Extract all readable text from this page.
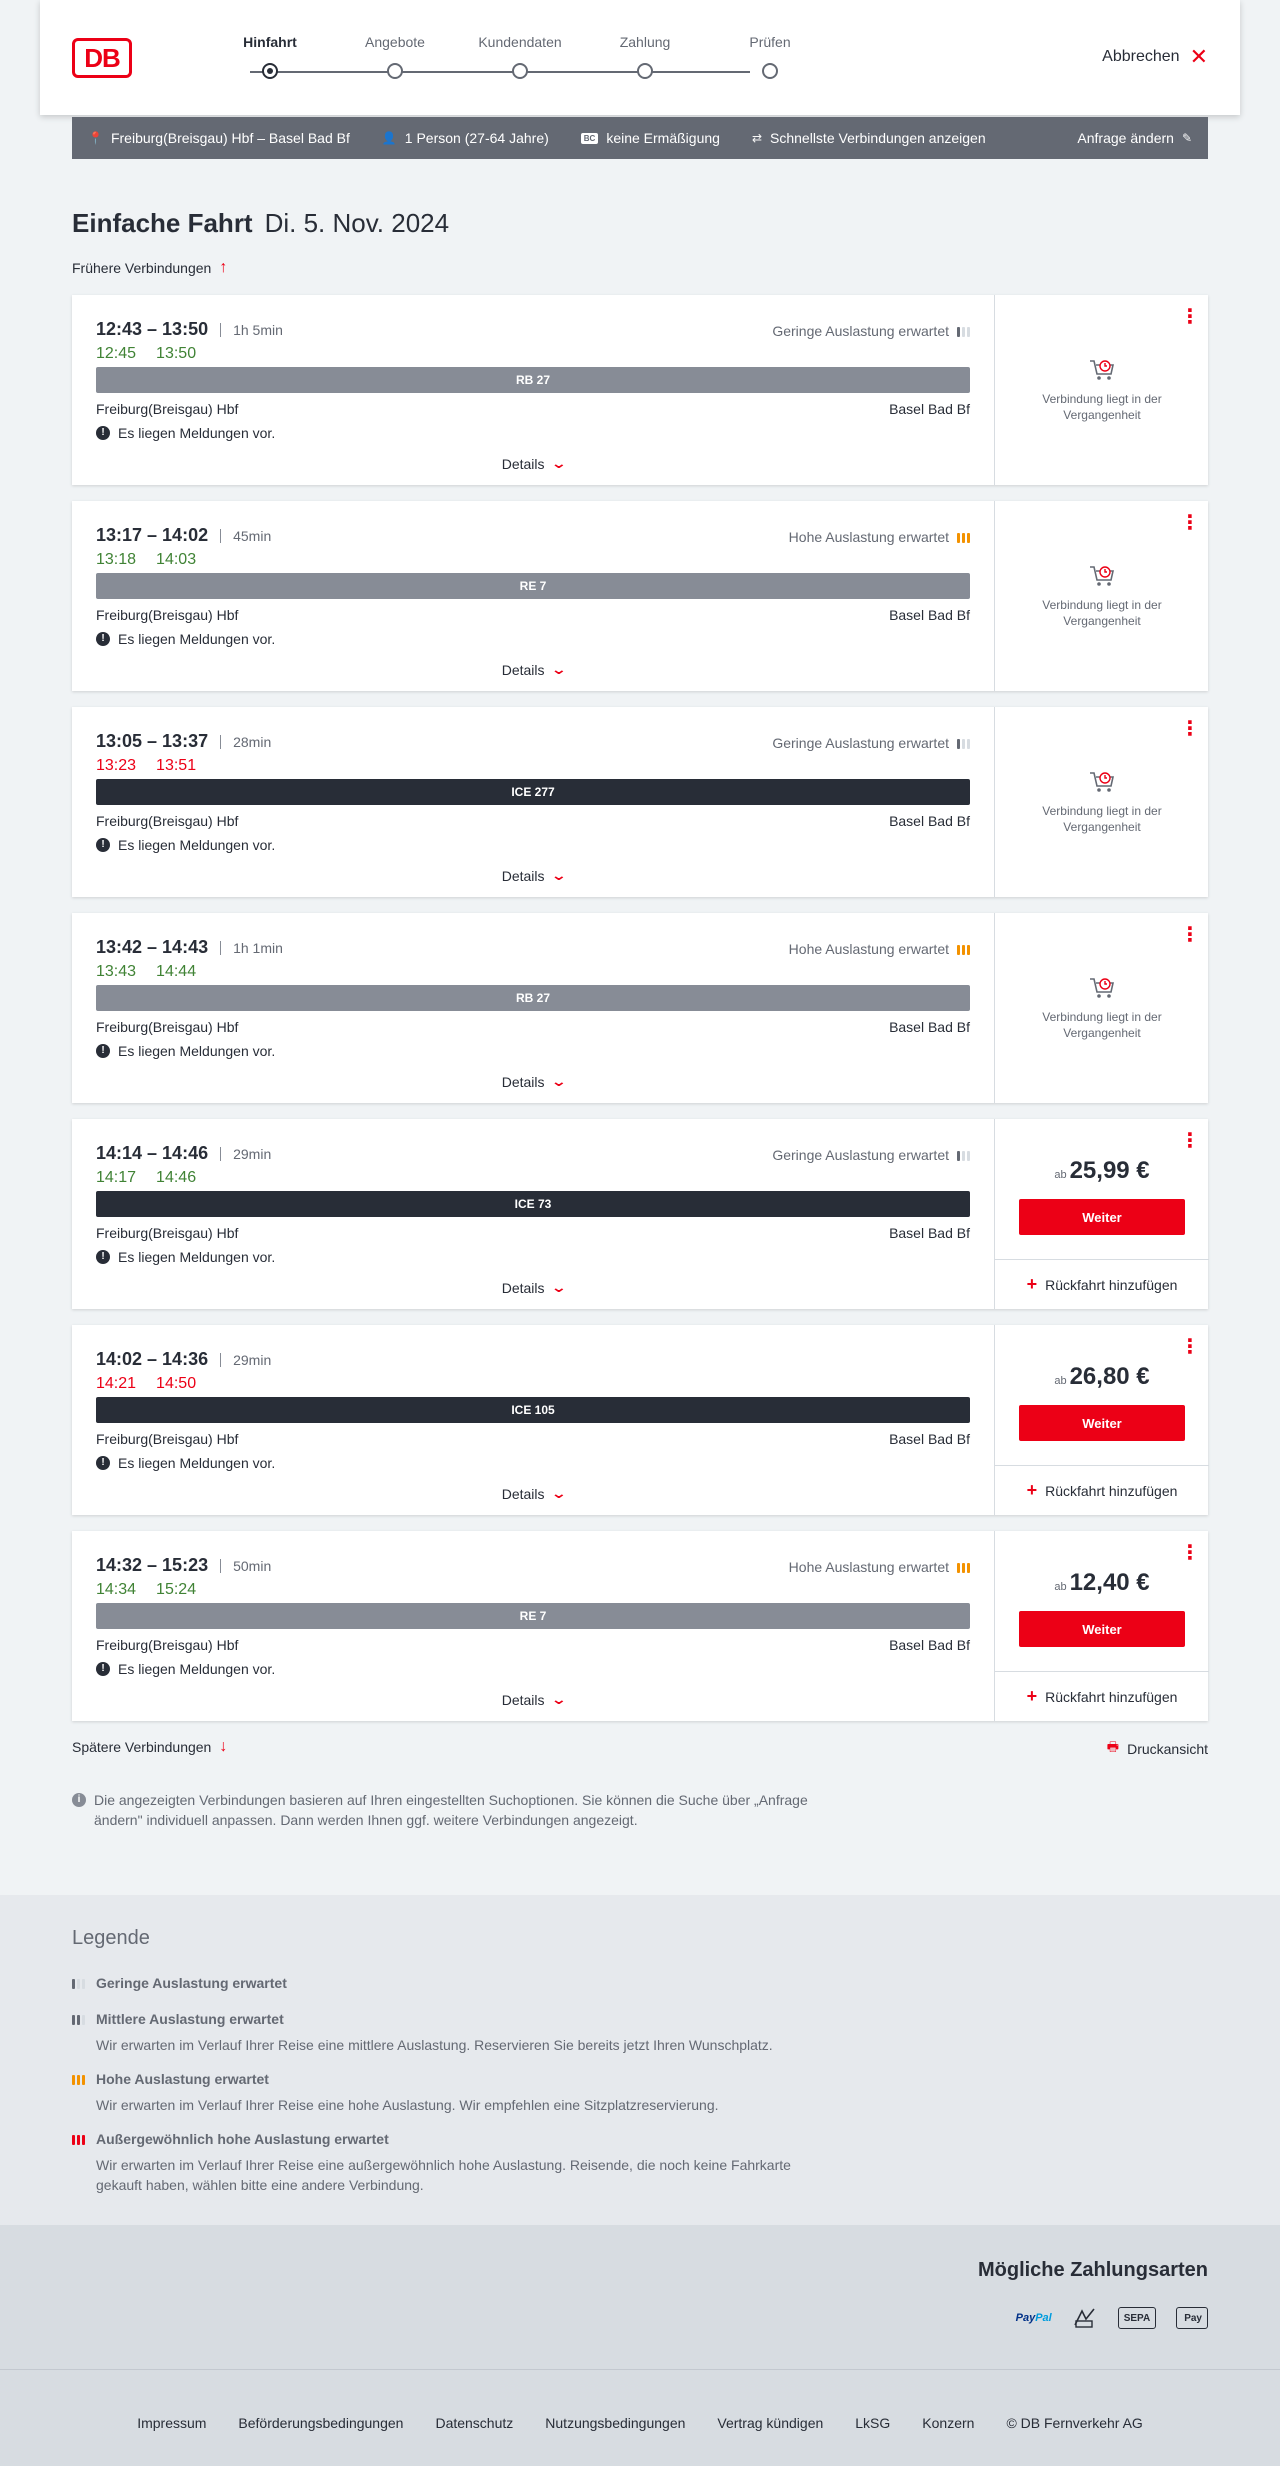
DB
Hinfahrt	Angebote	Kundendaten	Zahlung	Prüfen
Abbrechen ✕
📍 Freiburg(Breisgau) Hbf – Basel Bad Bf	👤 1 Person (27-64 Jahre)	BC keine Ermäßigung	⇄ Schnellste Verbindungen anzeigen	Anfrage ändern ✎
Einfache Fahrt Di. 5. Nov. 2024
Frühere Verbindungen ↑
12:43 – 13:50 1h 5min
12:45 13:50
Geringe Auslastung erwartet
RB 27
Freiburg(Breisgau) Hbf	Basel Bad Bf
! Es liegen Meldungen vor.
Details ⌄
⋮
Verbindung liegt in der Vergangenheit
13:17 – 14:02 45min
13:18 14:03
Hohe Auslastung erwartet
RE 7
Freiburg(Breisgau) Hbf	Basel Bad Bf
! Es liegen Meldungen vor.
Details ⌄
⋮
Verbindung liegt in der Vergangenheit
13:05 – 13:37 28min
13:23 13:51
Geringe Auslastung erwartet
ICE 277
Freiburg(Breisgau) Hbf	Basel Bad Bf
! Es liegen Meldungen vor.
Details ⌄
⋮
Verbindung liegt in der Vergangenheit
13:42 – 14:43 1h 1min
13:43 14:44
Hohe Auslastung erwartet
RB 27
Freiburg(Breisgau) Hbf	Basel Bad Bf
! Es liegen Meldungen vor.
Details ⌄
⋮
Verbindung liegt in der Vergangenheit
14:14 – 14:46 29min
14:17 14:46
Geringe Auslastung erwartet
ICE 73
Freiburg(Breisgau) Hbf	Basel Bad Bf
! Es liegen Meldungen vor.
Details ⌄
⋮
ab 25,99 €
Weiter
+ Rückfahrt hinzufügen
14:02 – 14:36 29min
14:21 14:50
ICE 105
Freiburg(Breisgau) Hbf	Basel Bad Bf
! Es liegen Meldungen vor.
Details ⌄
⋮
ab 26,80 €
Weiter
+ Rückfahrt hinzufügen
14:32 – 15:23 50min
14:34 15:24
Hohe Auslastung erwartet
RE 7
Freiburg(Breisgau) Hbf	Basel Bad Bf
! Es liegen Meldungen vor.
Details ⌄
⋮
ab 12,40 €
Weiter
+ Rückfahrt hinzufügen
Spätere Verbindungen ↓	🖶 Druckansicht
i Die angezeigten Verbindungen basieren auf Ihren eingestellten Suchoptionen. Sie können die Suche über „Anfrage ändern" individuell anpassen. Dann werden Ihnen ggf. weitere Verbindungen angezeigt.
Legende
Geringe Auslastung erwartet
Mittlere Auslastung erwartet
Wir erwarten im Verlauf Ihrer Reise eine mittlere Auslastung. Reservieren Sie bereits jetzt Ihren Wunschplatz.
Hohe Auslastung erwartet
Wir erwarten im Verlauf Ihrer Reise eine hohe Auslastung. Wir empfehlen eine Sitzplatzreservierung.
Außergewöhnlich hohe Auslastung erwartet
Wir erwarten im Verlauf Ihrer Reise eine außergewöhnlich hohe Auslastung. Reisende, die noch keine Fahrkarte gekauft haben, wählen bitte eine andere Verbindung.
Mögliche Zahlungsarten
Pay Pal	SEPA	Pay
Impressum Beförderungsbedingungen Datenschutz Nutzungsbedingungen Vertrag kündigen LkSG Konzern © DB Fernverkehr AG
